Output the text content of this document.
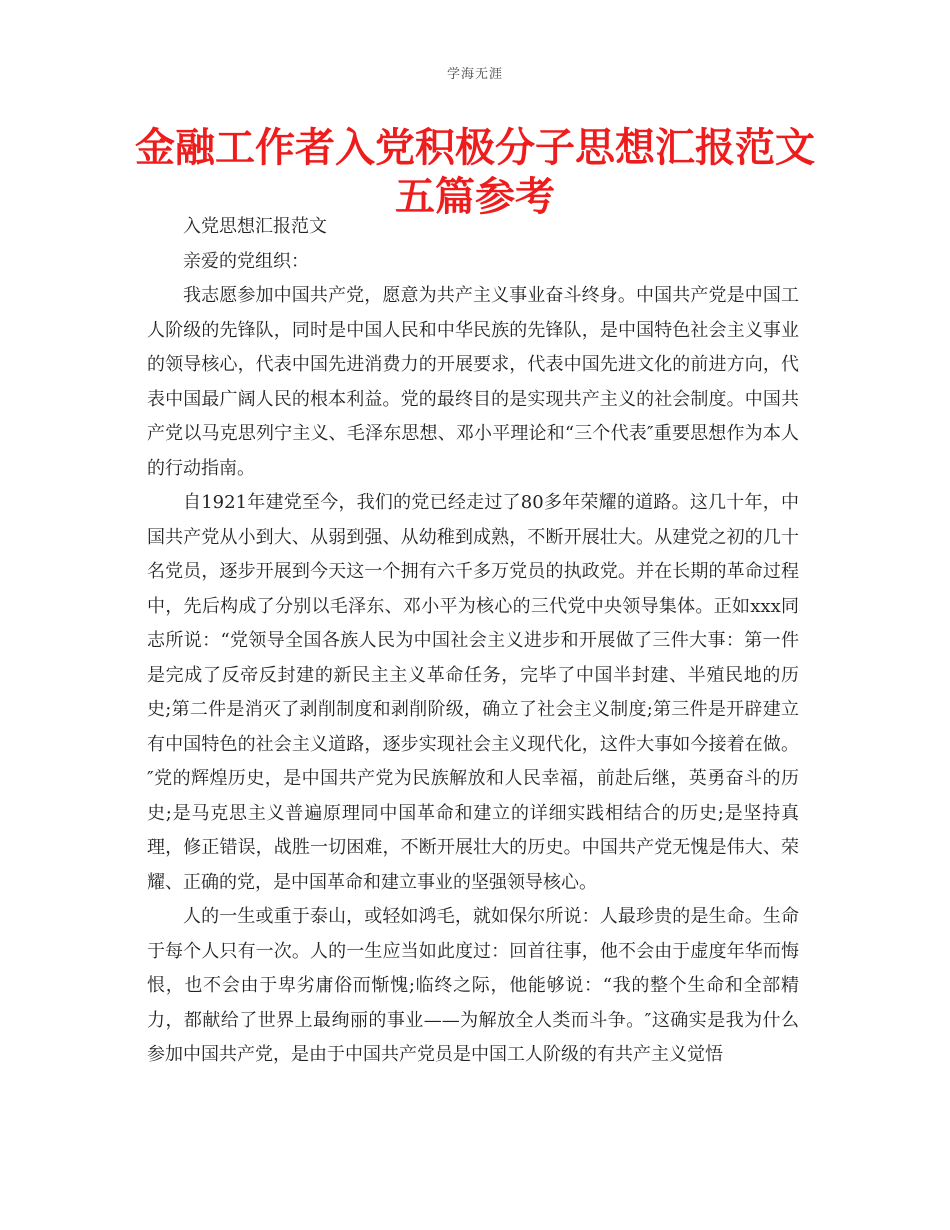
学海无涯
金融工作者入党积极分子思想汇报范文五篇参考

入党思想汇报范文

亲爱的党组织：

我志愿参加中国共产党，愿意为共产主义事业奋斗终身。中国共产党是中国工人阶级的先锋队，同时是中国人民和中华民族的先锋队，是中国特色社会主义事业的领导核心，代表中国先进消费力的开展要求，代表中国先进文化的前进方向，代表中国最广阔人民的根本利益。党的最终目的是实现共产主义的社会制度。中国共产党以马克思列宁主义、毛泽东思想、邓小平理论和“三个代表″重要思想作为本人的行动指南。

自1921年建党至今，我们的党已经走过了80多年荣耀的道路。这几十年，中国共产党从小到大、从弱到强、从幼稚到成熟，不断开展壮大。从建党之初的几十名党员，逐步开展到今天这一个拥有六千多万党员的执政党。并在长期的革命过程中，先后构成了分别以毛泽东、邓小平为核心的三代党中央领导集体。正如xxx同志所说：“党领导全国各族人民为中国社会主义进步和开展做了三件大事：第一件是完成了反帝反封建的新民主主义革命任务，完毕了中国半封建、半殖民地的历史;第二件是消灭了剥削制度和剥削阶级，确立了社会主义制度;第三件是开辟建立有中国特色的社会主义道路，逐步实现社会主义现代化，这件大事如今接着在做。″党的辉煌历史，是中国共产党为民族解放和人民幸福，前赴后继，英勇奋斗的历史;是马克思主义普遍原理同中国革命和建立的详细实践相结合的历史;是坚持真理，修正错误，战胜一切困难，不断开展壮大的历史。中国共产党无愧是伟大、荣耀、正确的党，是中国革命和建立事业的坚强领导核心。

人的一生或重于泰山，或轻如鸿毛，就如保尔所说：人最珍贵的是生命。生命于每个人只有一次。人的一生应当如此度过：回首往事，他不会由于虚度年华而悔恨，也不会由于卑劣庸俗而惭愧;临终之际，他能够说：“我的整个生命和全部精力，都献给了世界上最绚丽的事业——为解放全人类而斗争。″这确实是我为什么参加中国共产党，是由于中国共产党员是中国工人阶级的有共产主义觉悟
